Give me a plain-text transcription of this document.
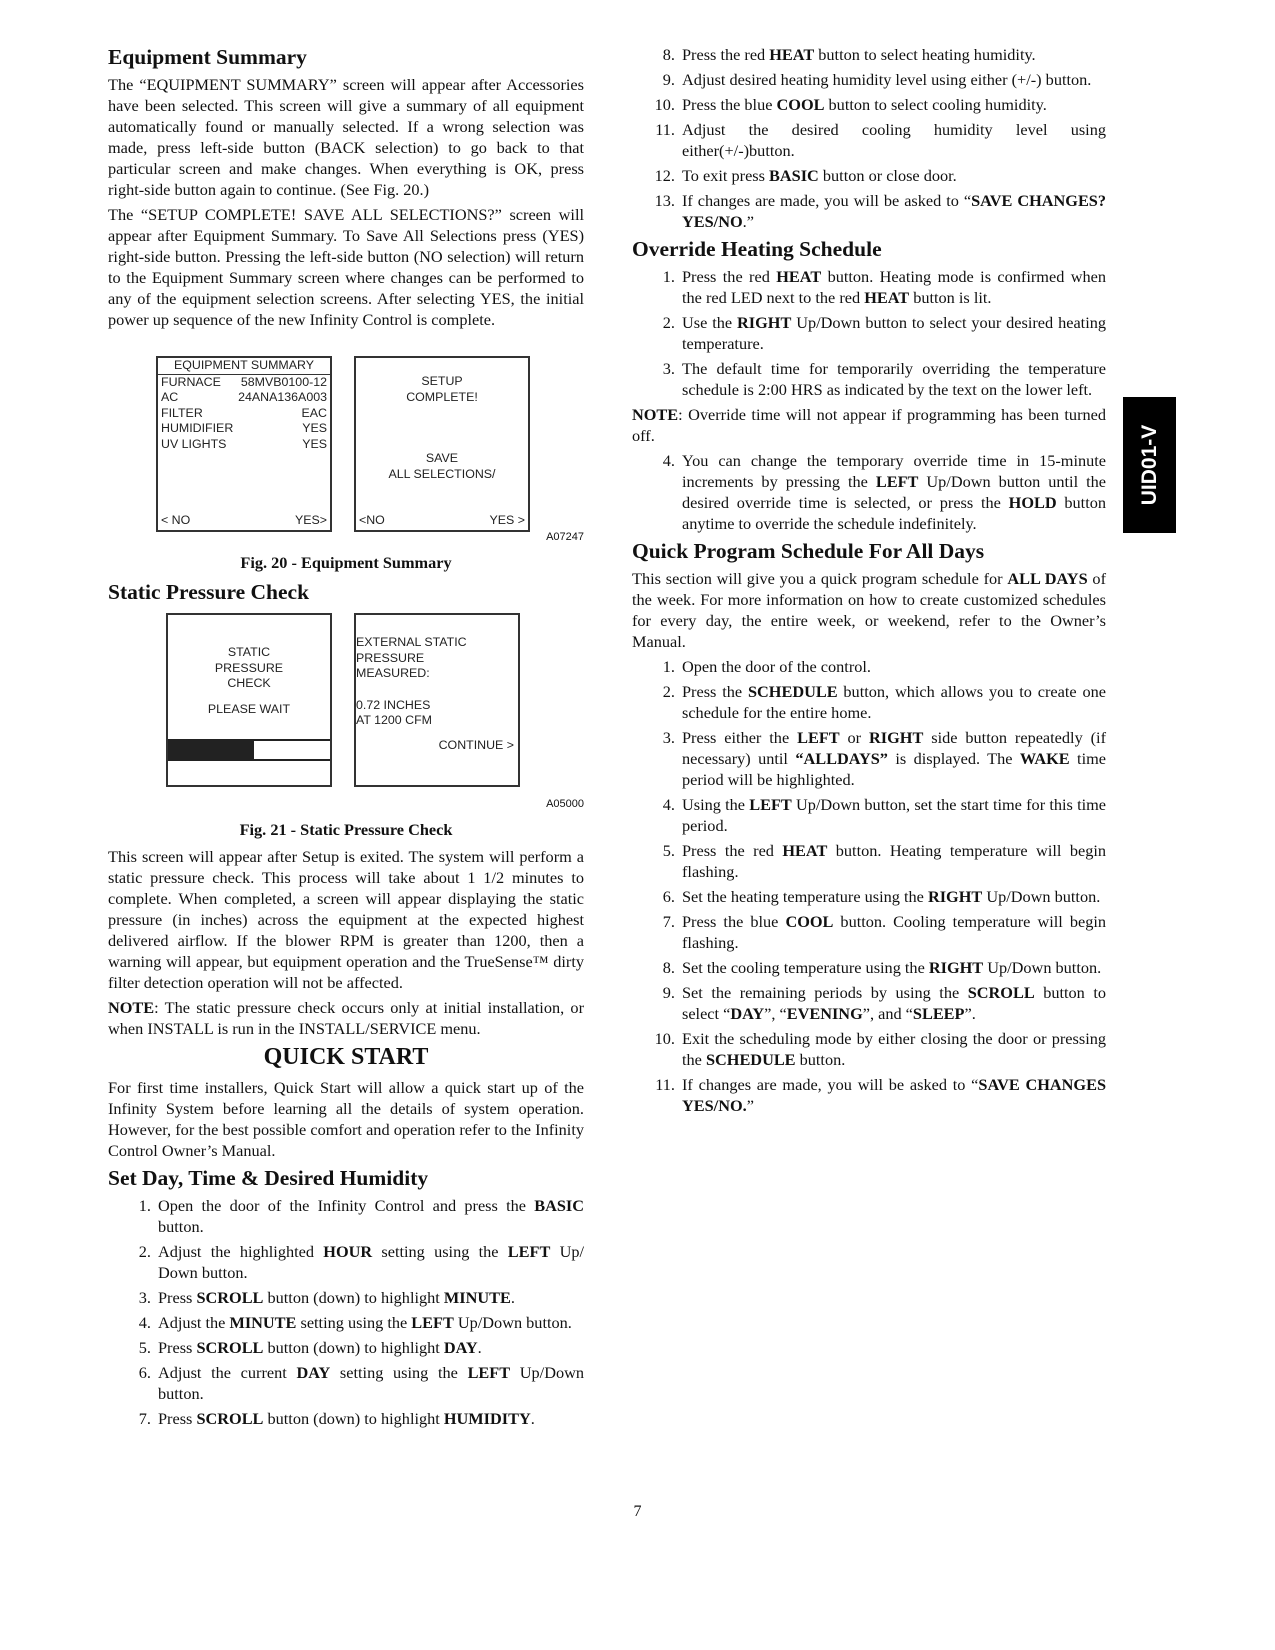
Equipment Summary

The “EQUIPMENT SUMMARY” screen will appear after Accessories have been selected. This screen will give a summary of all equipment automatically found or manually selected. If a wrong selection was made, press left-side button (BACK selection) to go back to that particular screen and make changes. When everything is OK, press right-side button again to continue. (See Fig. 20.)

The “SETUP COMPLETE! SAVE ALL SELECTIONS?” screen will appear after Equipment Summary. To Save All Selections press (YES) right-side button. Pressing the left-side button (NO selection) will return to the Equipment Summary screen where changes can be performed to any of the equipment selection screens. After selecting YES, the initial power up sequence of the new Infinity Control is complete.

EQUIPMENT SUMMARY
FURNACE 58MVB0100-12
AC	24ANA136A003
FILTER	EAC
HUMIDIFIER	YES
UV LIGHTS	YES
< NO	YES>
SETUP
COMPLETE!
SAVE
ALL SELECTIONS/
<NO	YES >
A07247
Fig. 20 - Equipment Summary
Static Pressure Check
STATIC
PRESSURE
CHECK
PLEASE WAIT
EXTERNAL STATIC
PRESSURE
MEASURED:
0.72 INCHES
AT 1200 CFM
CONTINUE >
A05000
Fig. 21 - Static Pressure Check

This screen will appear after Setup is exited. The system will perform a static pressure check. This process will take about 1 1/2 minutes to complete. When completed, a screen will appear displaying the static pressure (in inches) across the equipment at the expected highest delivered airflow. If the blower RPM is greater than 1200, then a warning will appear, but equipment operation and the TrueSense™ dirty filter detection operation will not be affected.

NOTE: The static pressure check occurs only at initial installation, or when INSTALL is run in the INSTALL/SERVICE menu.

QUICK START

For first time installers, Quick Start will allow a quick start up of the Infinity System before learning all the details of system operation. However, for the best possible comfort and operation refer to the Infinity Control Owner’s Manual.

Set Day, Time & Desired Humidity
1. Open the door of the Infinity Control and press the BASIC button.
2. Adjust the highlighted HOUR setting using the LEFT Up/ Down button.
3. Press SCROLL button (down) to highlight MINUTE.
4. Adjust the MINUTE setting using the LEFT Up/Down button.
5. Press SCROLL button (down) to highlight DAY.
6. Adjust the current DAY setting using the LEFT Up/Down button.
7. Press SCROLL button (down) to highlight HUMIDITY.
8. Press the red HEAT button to select heating humidity.
9. Adjust desired heating humidity level using either (+/-) button.
10. Press the blue COOL button to select cooling humidity.
11. Adjust the desired cooling humidity level using either(+/-)button.
12. To exit press BASIC button or close door.
13. If changes are made, you will be asked to “SAVE CHANGES? YES/NO.”
Override Heating Schedule
1. Press the red HEAT button. Heating mode is confirmed when the red LED next to the red HEAT button is lit.
2. Use the RIGHT Up/Down button to select your desired heating temperature.
3. The default time for temporarily overriding the temperature schedule is 2:00 HRS as indicated by the text on the lower left.

NOTE: Override time will not appear if programming has been turned off.

4. You can change the temporary override time in 15-minute increments by pressing the LEFT Up/Down button until the desired override time is selected, or press the HOLD button anytime to override the schedule indefinitely.
Quick Program Schedule For All Days

This section will give you a quick program schedule for ALL DAYS of the week. For more information on how to create customized schedules for every day, the entire week, or weekend, refer to the Owner’s Manual.

1. Open the door of the control.
2. Press the SCHEDULE button, which allows you to create one schedule for the entire home.
3. Press either the LEFT or RIGHT side button repeatedly (if necessary) until “ALLDAYS” is displayed. The WAKE time period will be highlighted.
4. Using the LEFT Up/Down button, set the start time for this time period.
5. Press the red HEAT button. Heating temperature will begin flashing.
6. Set the heating temperature using the RIGHT Up/Down button.
7. Press the blue COOL button. Cooling temperature will begin flashing.
8. Set the cooling temperature using the RIGHT Up/Down button.
9. Set the remaining periods by using the SCROLL button to select “DAY”, “EVENING”, and “SLEEP”.
10. Exit the scheduling mode by either closing the door or pressing the SCHEDULE button.
11. If changes are made, you will be asked to “SAVE CHANGES YES/NO.”
UID01-V
7
